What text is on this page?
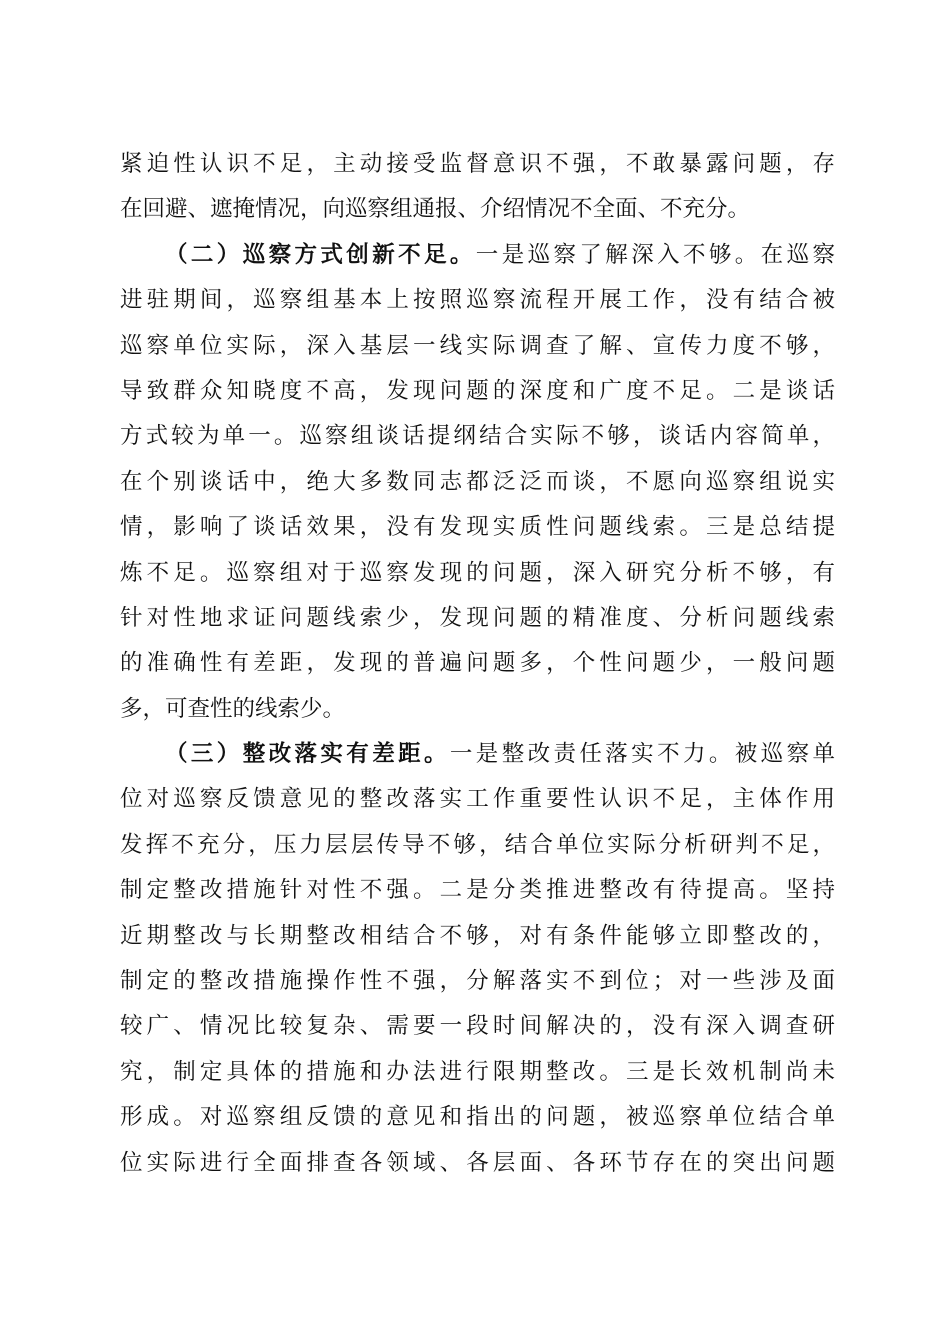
紧迫性认识不足，主动接受监督意识不强，不敢暴露问题，存
在回避、遮掩情况，向巡察组通报、介绍情况不全面、不充分。
（二）巡察方式创新不足。一是巡察了解深入不够。在巡察
进驻期间，巡察组基本上按照巡察流程开展工作，没有结合被
巡察单位实际，深入基层一线实际调查了解、宣传力度不够，
导致群众知晓度不高，发现问题的深度和广度不足。二是谈话
方式较为单一。巡察组谈话提纲结合实际不够，谈话内容简单，
在个别谈话中，绝大多数同志都泛泛而谈，不愿向巡察组说实
情，影响了谈话效果，没有发现实质性问题线索。三是总结提
炼不足。巡察组对于巡察发现的问题，深入研究分析不够，有
针对性地求证问题线索少，发现问题的精准度、分析问题线索
的准确性有差距，发现的普遍问题多，个性问题少，一般问题
多，可查性的线索少。
（三）整改落实有差距。一是整改责任落实不力。被巡察单
位对巡察反馈意见的整改落实工作重要性认识不足，主体作用
发挥不充分，压力层层传导不够，结合单位实际分析研判不足，
制定整改措施针对性不强。二是分类推进整改有待提高。坚持
近期整改与长期整改相结合不够，对有条件能够立即整改的，
制定的整改措施操作性不强，分解落实不到位；对一些涉及面
较广、情况比较复杂、需要一段时间解决的，没有深入调查研
究，制定具体的措施和办法进行限期整改。三是长效机制尚未
形成。对巡察组反馈的意见和指出的问题，被巡察单位结合单
位实际进行全面排查各领域、各层面、各环节存在的突出问题
